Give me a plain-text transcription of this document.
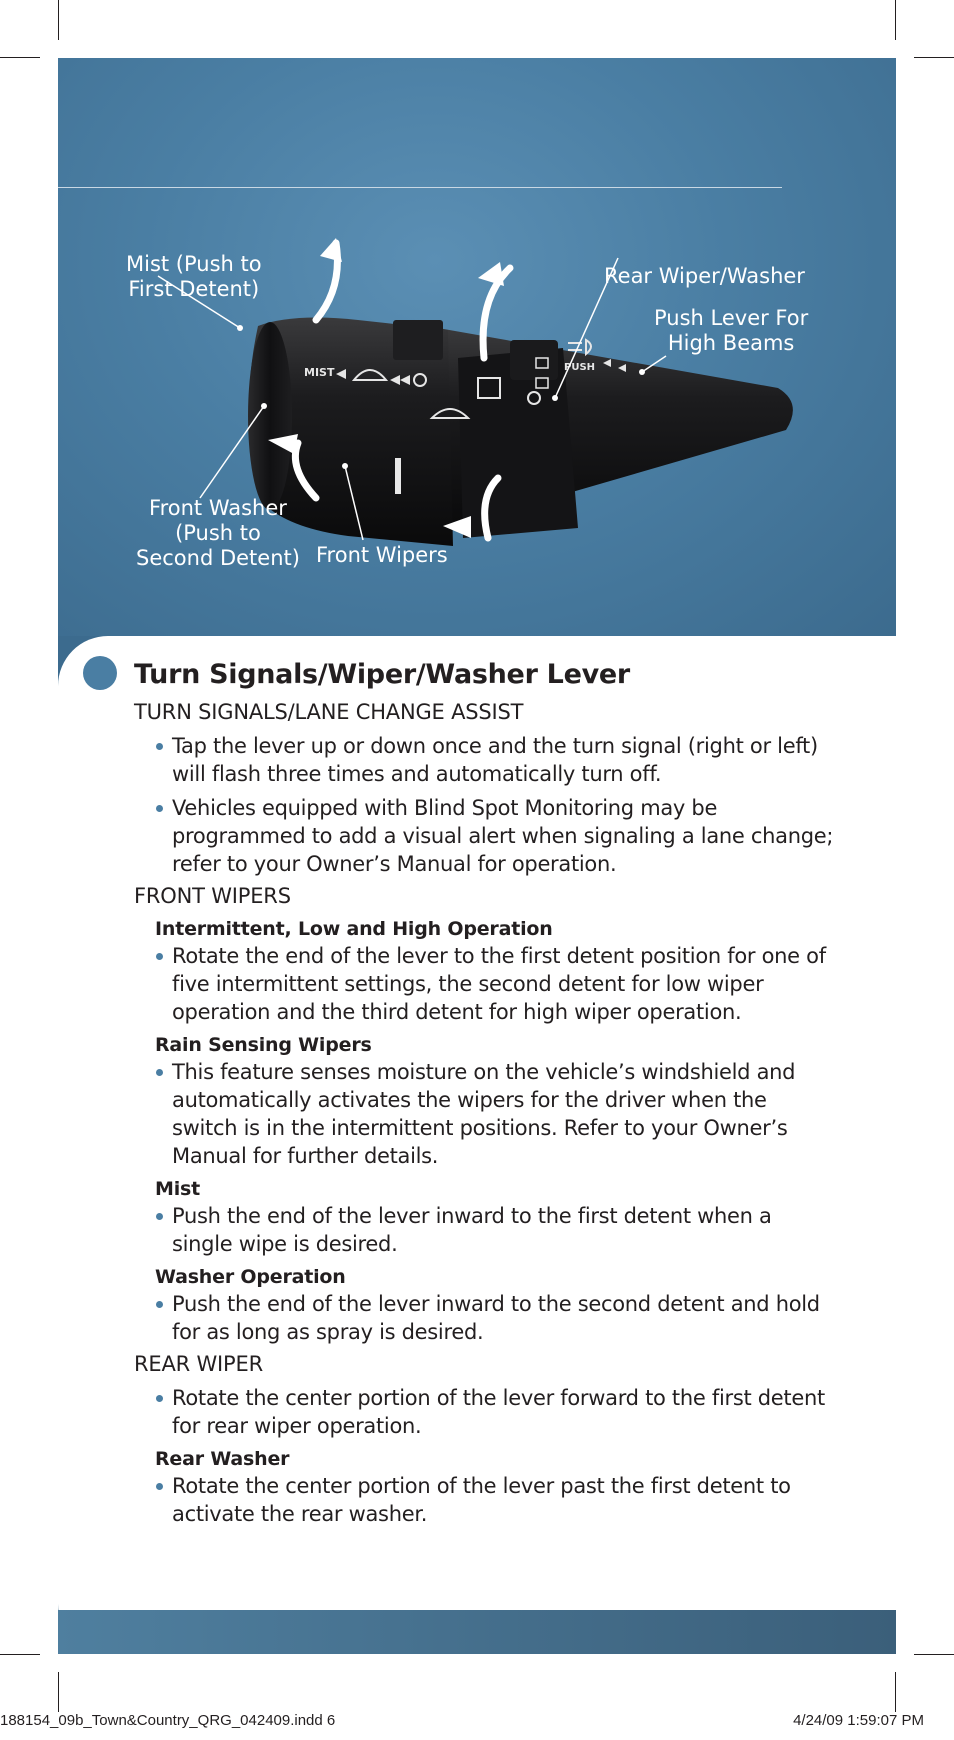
MIST	PUSH
Mist (Push to
First Detent)
Rear Wiper/Washer
Push Lever For
High Beams
Front Washer
(Push to
Second Detent) Front Wipers
Turn Signals/Wiper/Washer Lever
TURN SIGNALS/LANE CHANGE ASSIST
Tap the lever up or down once and the turn signal (right or left) will flash three times and automatically turn off.
Vehicles equipped with Blind Spot Monitoring may be programmed to add a visual alert when signaling a lane change; refer to your Owner’s Manual for operation.
FRONT WIPERS
Intermittent, Low and High Operation
Rotate the end of the lever to the first detent position for one of five intermittent settings, the second detent for low wiper operation and the third detent for high wiper operation.
Rain Sensing Wipers
This feature senses moisture on the vehicle’s windshield and automatically activates the wipers for the driver when the switch is in the intermittent positions. Refer to your Owner’s Manual for further details.
Mist
Push the end of the lever inward to the first detent when a single wipe is desired.
Washer Operation
Push the end of the lever inward to the second detent and hold for as long as spray is desired.
REAR WIPER
Rotate the center portion of the lever forward to the first detent for rear wiper operation.
Rear Washer
Rotate the center portion of the lever past the first detent to activate the rear washer.
188154_09b_Town&Country_QRG_042409.indd 6	4/24/09 1:59:07 PM
